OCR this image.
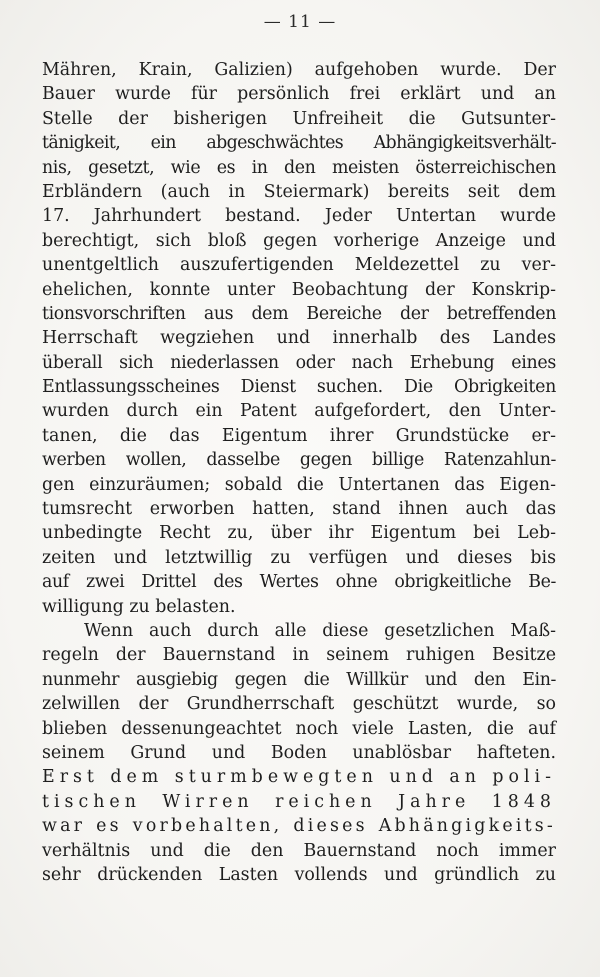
— 11 —
Mähren, Krain, Galizien) aufgehoben wurde. Der
Bauer wurde für persönlich frei erklärt und an
Stelle der bisherigen Unfreiheit die Gutsunter-
tänigkeit, ein abgeschwächtes Abhängigkeitsverhält-
nis, gesetzt, wie es in den meisten österreichischen
Erbländern (auch in Steiermark) bereits seit dem
17. Jahrhundert bestand. Jeder Untertan wurde
berechtigt, sich bloß gegen vorherige Anzeige und
unentgeltlich auszufertigenden Meldezettel zu ver-
ehelichen, konnte unter Beobachtung der Konskrip-
tionsvorschriften aus dem Bereiche der betreffenden
Herrschaft wegziehen und innerhalb des Landes
überall sich niederlassen oder nach Erhebung eines
Entlassungsscheines Dienst suchen. Die Obrigkeiten
wurden durch ein Patent aufgefordert, den Unter-
tanen, die das Eigentum ihrer Grundstücke er-
werben wollen, dasselbe gegen billige Ratenzahlun-
gen einzuräumen; sobald die Untertanen das Eigen-
tumsrecht erworben hatten, stand ihnen auch das
unbedingte Recht zu, über ihr Eigentum bei Leb-
zeiten und letztwillig zu verfügen und dieses bis
auf zwei Drittel des Wertes ohne obrigkeitliche Be-
willigung zu belasten.
Wenn auch durch alle diese gesetzlichen Maß-
regeln der Bauernstand in seinem ruhigen Besitze
nunmehr ausgiebig gegen die Willkür und den Ein-
zelwillen der Grundherrschaft geschützt wurde, so
blieben dessenungeachtet noch viele Lasten, die auf
seinem Grund und Boden unablösbar hafteten.
Erst dem sturmbewegten und an poli-
tischen Wirren reichen Jahre 1848
war es vorbehalten, dieses Abhängigkeits-
verhältnis und die den Bauernstand noch immer
sehr drückenden Lasten vollends und gründlich zu
